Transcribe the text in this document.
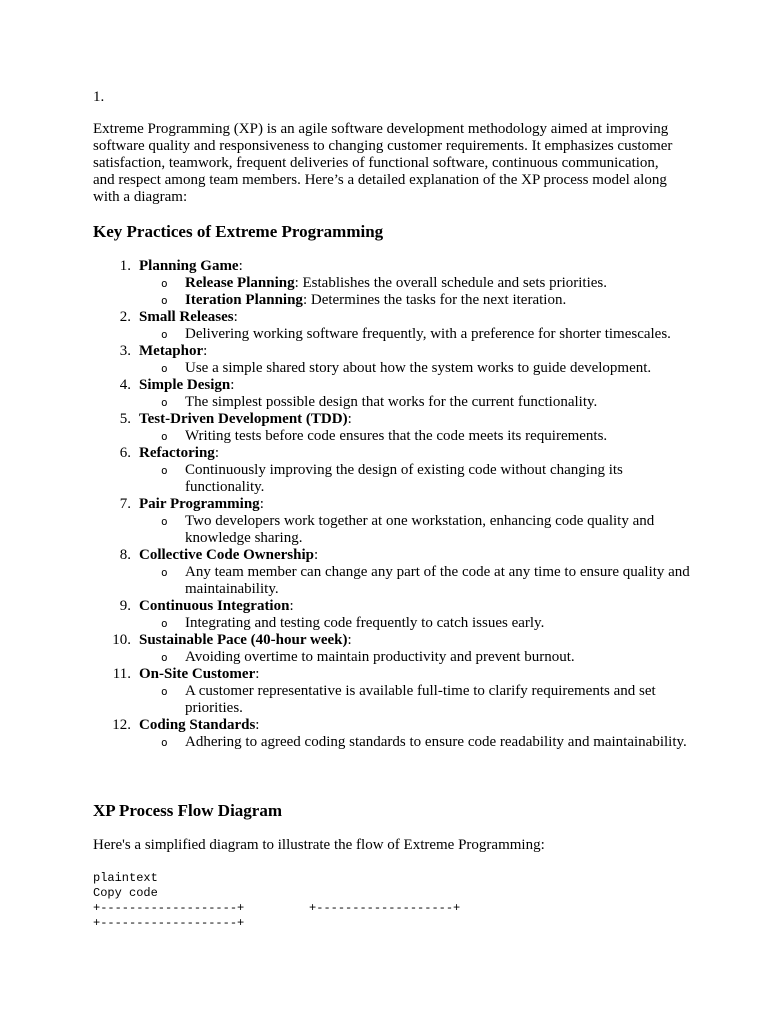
1.

Extreme Programming (XP) is an agile software development methodology aimed at improving software quality and responsiveness to changing customer requirements. It emphasizes customer satisfaction, teamwork, frequent deliveries of functional software, continuous communication, and respect among team members. Here’s a detailed explanation of the XP process model along with a diagram:

Key Practices of Extreme Programming
1. Planning Game:
o Release Planning: Establishes the overall schedule and sets priorities.
o Iteration Planning: Determines the tasks for the next iteration.
2. Small Releases:
o Delivering working software frequently, with a preference for shorter timescales.
3. Metaphor:
o Use a simple shared story about how the system works to guide development.
4. Simple Design:
o The simplest possible design that works for the current functionality.
5. Test-Driven Development (TDD):
o Writing tests before code ensures that the code meets its requirements.
6. Refactoring:
o Continuously improving the design of existing code without changing its functionality.
7. Pair Programming:
o Two developers work together at one workstation, enhancing code quality and knowledge sharing.
8. Collective Code Ownership:
o Any team member can change any part of the code at any time to ensure quality and maintainability.
9. Continuous Integration:
o Integrating and testing code frequently to catch issues early.
10. Sustainable Pace (40-hour week):
o Avoiding overtime to maintain productivity and prevent burnout.
11. On-Site Customer:
o A customer representative is available full-time to clarify requirements and set priorities.
12. Coding Standards:
o Adhering to agreed coding standards to ensure code readability and maintainability.
XP Process Flow Diagram

Here's a simplified diagram to illustrate the flow of Extreme Programming:

plaintext
Copy code
+-------------------+         +-------------------+
+-------------------+
